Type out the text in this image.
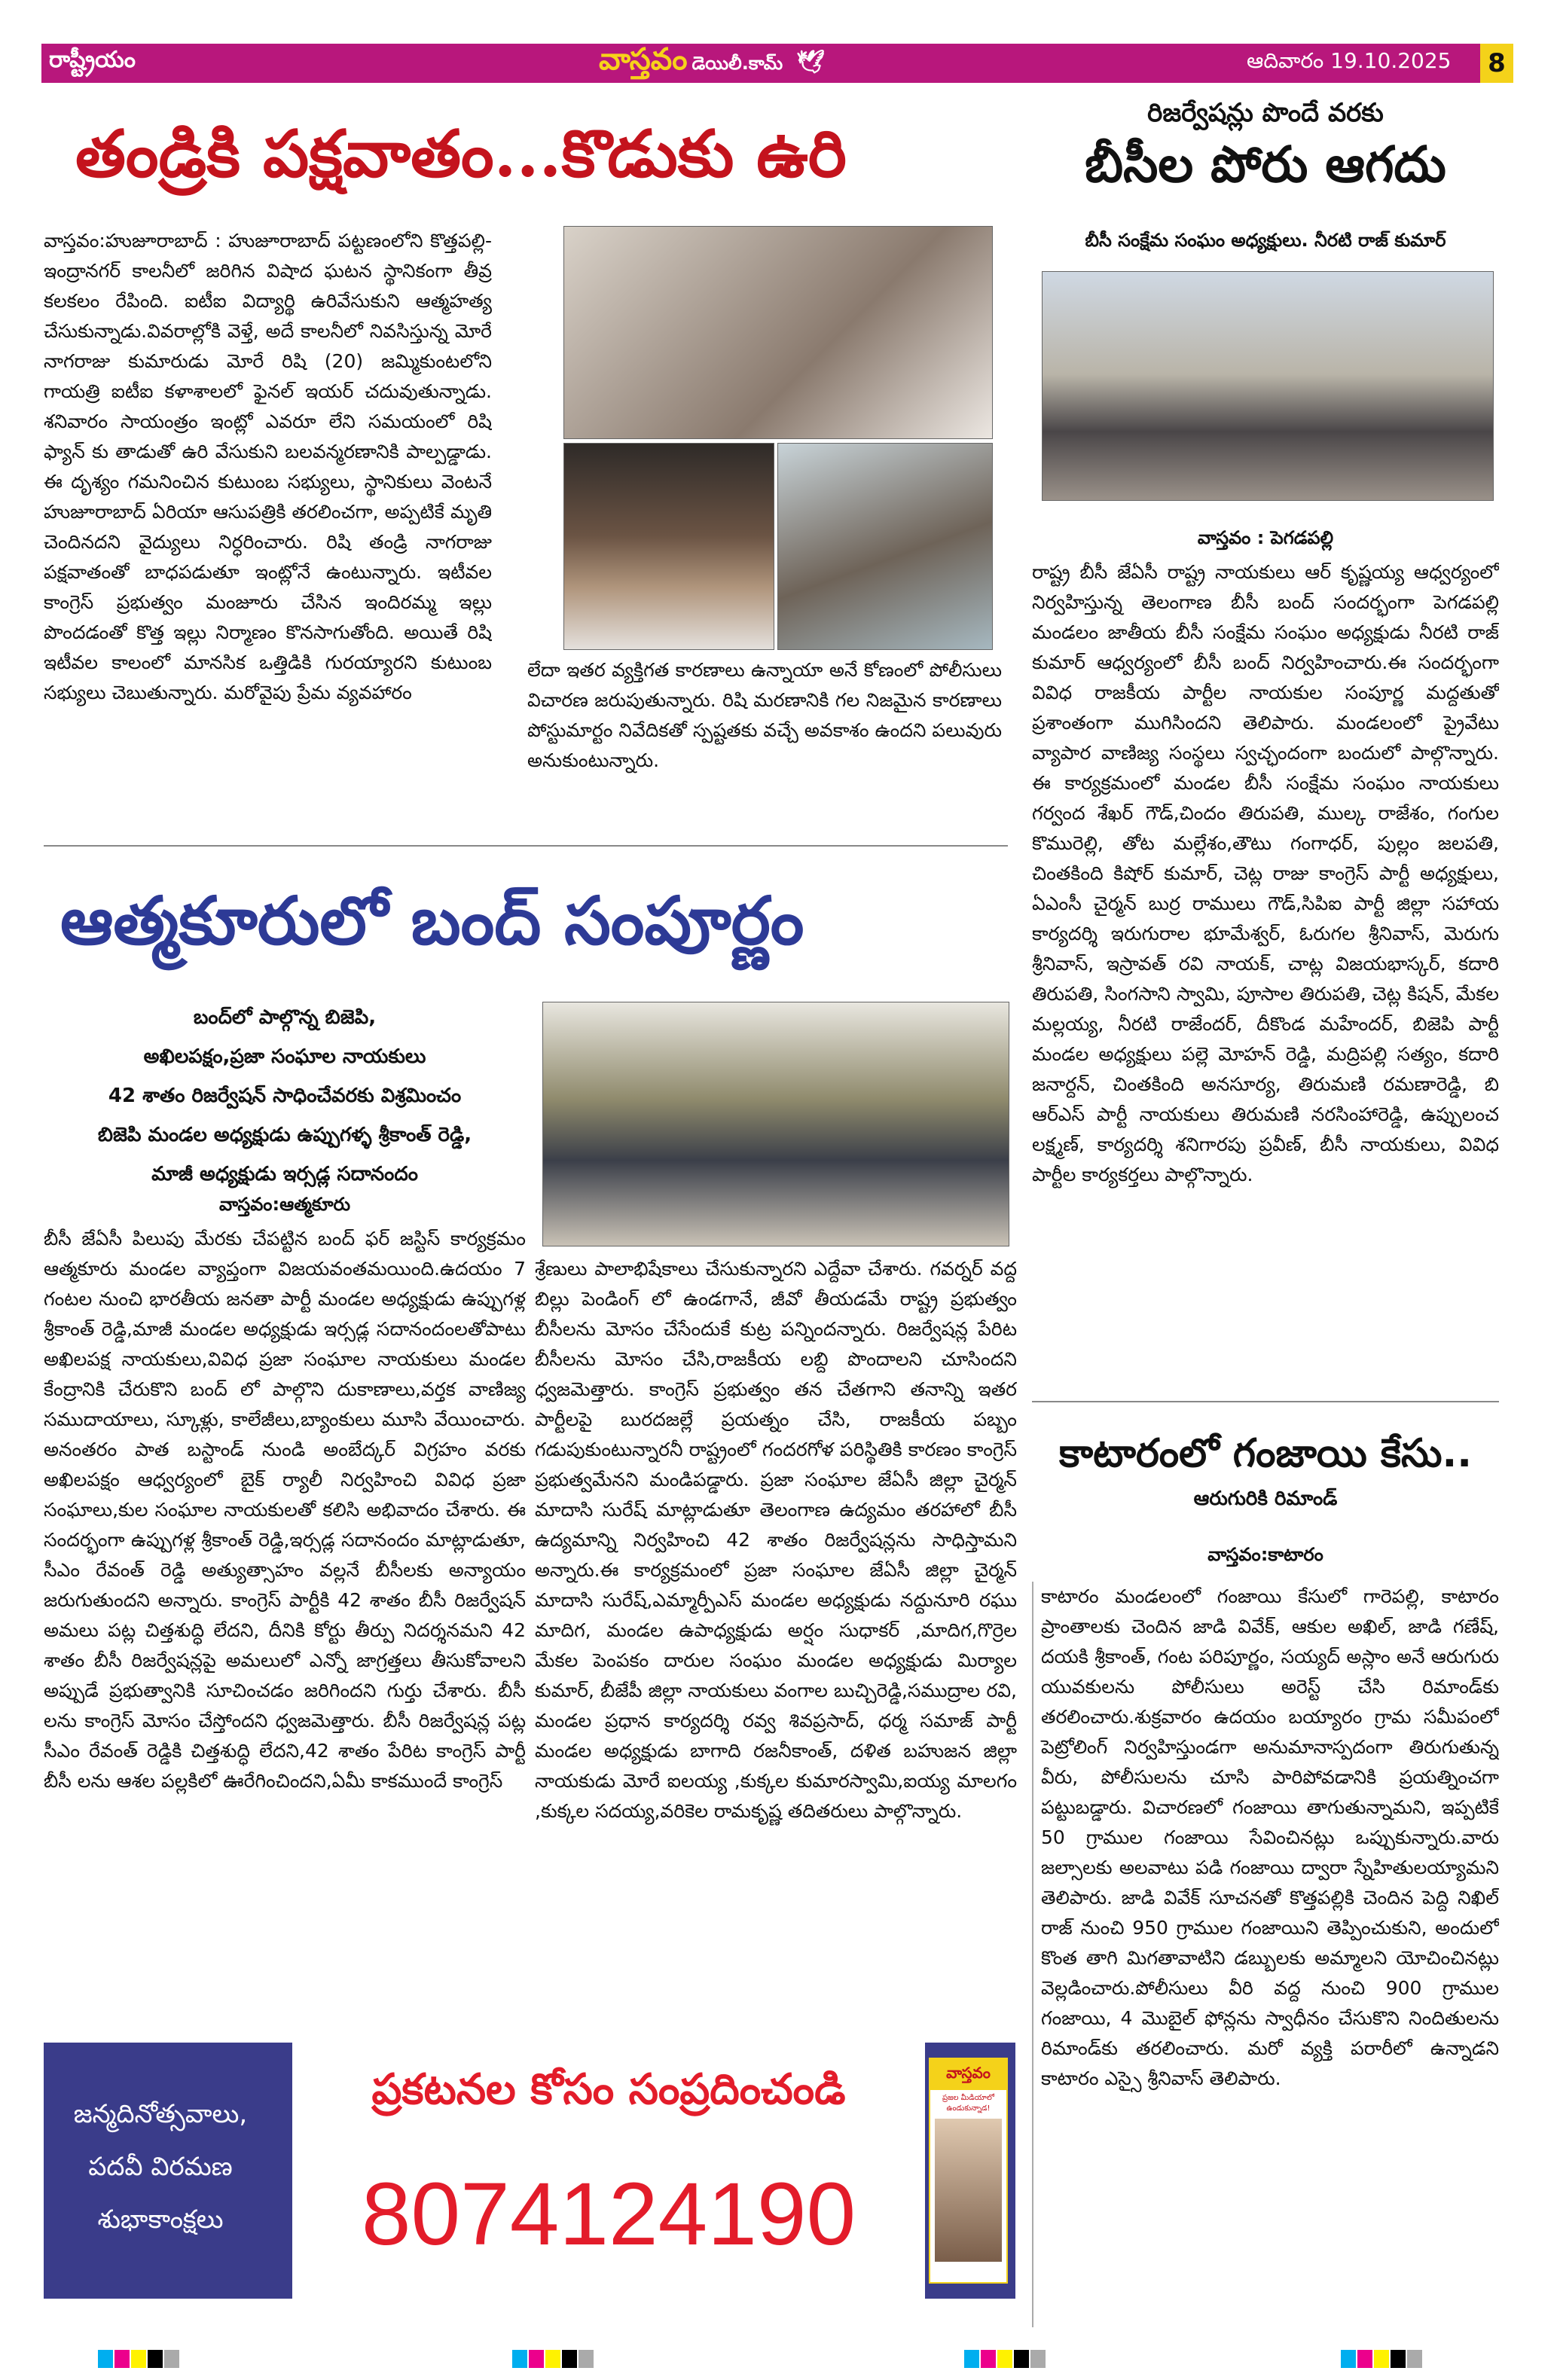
రాష్ట్రీయం	వాస్తవం డెయిలీ.కామ్ 🕊	ఆదివారం 19.10.2025 8
తండ్రికి పక్షవాతం...కొడుకు ఉరి
వాస్తవం:హుజూరాబాద్ : హుజూరాబాద్ పట్టణంలోని కొత్తపల్లి- ఇంద్రానగర్ కాలనీలో జరిగిన విషాద ఘటన స్థానికంగా తీవ్ర కలకలం రేపింది. ఐటీఐ విద్యార్థి ఉరివేసుకుని ఆత్మహత్య చేసుకున్నాడు.వివరాల్లోకి వెళ్తే, అదే కాలనీలో నివసిస్తున్న మోరే నాగరాజు కుమారుడు మోరే రిషి (20) జమ్మికుంటలోని గాయత్రి ఐటీఐ కళాశాలలో ఫైనల్ ఇయర్ చదువుతున్నాడు. శనివారం సాయంత్రం ఇంట్లో ఎవరూ లేని సమయంలో రిషి ఫ్యాన్ కు తాడుతో ఉరి వేసుకుని బలవన్మరణానికి పాల్పడ్డాడు. ఈ దృశ్యం గమనించిన కుటుంబ సభ్యులు, స్థానికులు వెంటనే హుజూరాబాద్ ఏరియా ఆసుపత్రికి తరలించగా, అప్పటికే మృతి చెందినదని వైద్యులు నిర్ధరించారు. రిషి తండ్రి నాగరాజు పక్షవాతంతో బాధపడుతూ ఇంట్లోనే ఉంటున్నారు. ఇటీవల కాంగ్రెస్ ప్రభుత్వం మంజూరు చేసిన ఇందిరమ్మ ఇల్లు పొందడంతో కొత్త ఇల్లు నిర్మాణం కొనసాగుతోంది. అయితే రిషి ఇటీవల కాలంలో మానసిక ఒత్తిడికి గురయ్యారని కుటుంబ సభ్యులు చెబుతున్నారు. మరోవైపు ప్రేమ వ్యవహారం
లేదా ఇతర వ్యక్తిగత కారణాలు ఉన్నాయా అనే కోణంలో పోలీసులు విచారణ జరుపుతున్నారు. రిషి మరణానికి గల నిజమైన కారణాలు పోస్టుమార్టం నివేదికతో స్పష్టతకు వచ్చే అవకాశం ఉందని పలువురు అనుకుంటున్నారు.
రిజర్వేషన్లు పొందే వరకు
బీసీల పోరు ఆగదు
బీసీ సంక్షేమ సంఘం అధ్యక్షులు. నీరటి రాజ్ కుమార్
వాస్తవం : పెగడపల్లి
రాష్ట్ర బీసీ జేఏసీ రాష్ట్ర నాయకులు ఆర్ కృష్ణయ్య ఆధ్వర్యంలో నిర్వహిస్తున్న తెలంగాణ బీసీ బంద్ సందర్భంగా పెగడపల్లి మండలం జాతీయ బీసీ సంక్షేమ సంఘం అధ్యక్షుడు నీరటి రాజ్ కుమార్ ఆధ్వర్యంలో బీసీ బంద్ నిర్వహించారు.ఈ సందర్భంగా వివిధ రాజకీయ పార్టీల నాయకుల సంపూర్ణ మద్దతుతో ప్రశాంతంగా ముగిసిందని తెలిపారు. మండలంలో ప్రైవేటు వ్యాపార వాణిజ్య సంస్థలు స్వచ్ఛందంగా బందులో పాల్గొన్నారు. ఈ కార్యక్రమంలో మండల బీసీ సంక్షేమ సంఘం నాయకులు గర్వంద శేఖర్ గౌడ్,చిందం తిరుపతి, ముల్క రాజేశం, గంగుల కొమురెల్లి, తోట మల్లేశం,తౌటు గంగాధర్, పుల్లం జలపతి, చింతకింది కిషోర్ కుమార్, చెట్ల రాజు కాంగ్రెస్ పార్టీ అధ్యక్షులు, ఏఎంసీ చైర్మన్ బుర్ర రాములు గౌడ్,సిపిఐ పార్టీ జిల్లా సహాయ కార్యదర్శి ఇరుగురాల భూమేశ్వర్, ఓరుగల శ్రీనివాస్, మెరుగు శ్రీనివాస్, ఇస్రావత్ రవి నాయక్, చాట్ల విజయభాస్కర్, కదారి తిరుపతి, సింగసాని స్వామి, పూసాల తిరుపతి, చెట్ల కిషన్, మేకల మల్లయ్య, నీరటి రాజేందర్, దీకొండ మహేందర్, బిజెపి పార్టీ మండల అధ్యక్షులు పల్లె మోహన్ రెడ్డి, మద్రిపల్లి సత్యం, కదారి జనార్దన్, చింతకింది అనసూర్య, తిరుమణి రమణారెడ్డి, బి ఆర్ఎస్ పార్టీ నాయకులు తిరుమణి నరసింహారెడ్డి, ఉప్పులంచ లక్ష్మణ్, కార్యదర్శి శనిగారపు ప్రవీణ్, బీసీ నాయకులు, వివిధ పార్టీల కార్యకర్తలు పాల్గొన్నారు.
ఆత్మకూరులో బంద్ సంపూర్ణం
బంద్‌లో పాల్గొన్న బిజెపి,
అఖిలపక్షం,ప్రజా సంఘాల నాయకులు
42 శాతం రిజర్వేషన్ సాధించేవరకు విశ్రమించం
బిజెపి మండల అధ్యక్షుడు ఉప్పుగళ్ళ శ్రీకాంత్ రెడ్డి,
మాజీ అధ్యక్షుడు ఇర్సడ్ల సదానందం
వాస్తవం:ఆత్మకూరు
బీసీ జేఏసీ పిలుపు మేరకు చేపట్టిన బంద్ ఫర్ జస్టిస్ కార్యక్రమం ఆత్మకూరు మండల వ్యాప్తంగా విజయవంతమయింది.ఉదయం 7 గంటల నుంచి భారతీయ జనతా పార్టీ మండల అధ్యక్షుడు ఉప్పుగళ్ల శ్రీకాంత్ రెడ్డి,మాజీ మండల అధ్యక్షుడు ఇర్సడ్ల సదానందంలతోపాటు అఖిలపక్ష నాయకులు,వివిధ ప్రజా సంఘాల నాయకులు మండల కేంద్రానికి చేరుకొని బంద్ లో పాల్గొని దుకాణాలు,వర్తక వాణిజ్య సముదాయాలు, స్కూళ్లు, కాలేజీలు,బ్యాంకులు మూసి వేయించారు. అనంతరం పాత బస్టాండ్ నుండి అంబేద్కర్ విగ్రహం వరకు అఖిలపక్షం ఆధ్వర్యంలో బైక్ ర్యాలీ నిర్వహించి వివిధ ప్రజా సంఘాలు,కుల సంఘాల నాయకులతో కలిసి అభివాదం చేశారు. ఈ సందర్భంగా ఉప్పుగళ్ల శ్రీకాంత్ రెడ్డి,ఇర్సడ్ల సదానందం మాట్లాడుతూ, సీఎం రేవంత్ రెడ్డి అత్యుత్సాహం వల్లనే బీసీలకు అన్యాయం జరుగుతుందని అన్నారు. కాంగ్రెస్ పార్టీకి 42 శాతం బీసీ రిజర్వేషన్ అమలు పట్ల చిత్తశుద్ధి లేదని, దీనికి కోర్టు తీర్పు నిదర్శనమని 42 శాతం బీసీ రిజర్వేషన్లపై అమలులో ఎన్నో జాగ్రత్తలు తీసుకోవాలని అప్పుడే ప్రభుత్వానికి సూచించడం జరిగిందని గుర్తు చేశారు. బీసీ లను కాంగ్రెస్ మోసం చేస్తోందని ధ్వజమెత్తారు. బీసీ రిజర్వేషన్ల పట్ల సీఎం రేవంత్ రెడ్డికి చిత్తశుద్ధి లేదని,42 శాతం పేరిట కాంగ్రెస్ పార్టీ బీసీ లను ఆశల పల్లకిలో ఊరేగించిందని,ఏమీ కాకముందే కాంగ్రెస్
శ్రేణులు పాలాభిషేకాలు చేసుకున్నారని ఎద్దేవా చేశారు. గవర్నర్ వద్ద బిల్లు పెండింగ్ లో ఉండగానే, జీవో తీయడమే రాష్ట్ర ప్రభుత్వం బీసీలను మోసం చేసేందుకే కుట్ర పన్నిందన్నారు. రిజర్వేషన్ల పేరిట బీసీలను మోసం చేసి,రాజకీయ లబ్ది పొందాలని చూసిందని ధ్వజమెత్తారు. కాంగ్రెస్ ప్రభుత్వం తన చేతగాని తనాన్ని ఇతర పార్టీలపై బురదజల్లే ప్రయత్నం చేసి, రాజకీయ పబ్బం గడుపుకుంటున్నారనీ రాష్ట్రంలో గందరగోళ పరిస్థితికి కారణం కాంగ్రెస్ ప్రభుత్వమేనని మండిపడ్డారు. ప్రజా సంఘాల జేఏసీ జిల్లా చైర్మన్ మాదాసి సురేష్ మాట్లాడుతూ తెలంగాణ ఉద్యమం తరహాలో బీసీ ఉద్యమాన్ని నిర్వహించి 42 శాతం రిజర్వేషన్లను సాధిస్తామని అన్నారు.ఈ కార్యక్రమంలో ప్రజా సంఘాల జేఏసీ జిల్లా చైర్మన్ మాదాసి సురేష్,ఎమ్మార్పీఎస్ మండల అధ్యక్షుడు నద్దునూరి రఘు మాదిగ, మండల ఉపాధ్యక్షుడు అర్షం సుధాకర్ ,మాదిగ,గొర్రెల మేకల పెంపకం దారుల సంఘం మండల అధ్యక్షుడు మిర్యాల కుమార్, బీజేపీ జిల్లా నాయకులు వంగాల బుచ్చిరెడ్డి,సముద్రాల రవి, మండల ప్రధాన కార్యదర్శి రవ్వ శివప్రసాద్, ధర్మ సమాజ్ పార్టీ మండల అధ్యక్షుడు బాగాది రజనీకాంత్, దళిత బహుజన జిల్లా నాయకుడు మోరే ఐలయ్య ,కుక్కల కుమారస్వామి,ఐయ్య మాలగం ,కుక్కల సదయ్య,వరికెల రామకృష్ణ తదితరులు పాల్గొన్నారు.
కాటారంలో గంజాయి కేసు..
ఆరుగురికి రిమాండ్
వాస్తవం:కాటారం
కాటారం మండలంలో గంజాయి కేసులో గారెపల్లి, కాటారం ప్రాంతాలకు చెందిన జాడి వివేక్, ఆకుల అఖిల్, జాడి గణేష్, దయకి శ్రీకాంత్, గంట పరిపూర్ణం, సయ్యద్ అస్లాం అనే ఆరుగురు యువకులను పోలీసులు అరెస్ట్ చేసి రిమాండ్‌కు తరలించారు.శుక్రవారం ఉదయం బయ్యారం గ్రామ సమీపంలో పెట్రోలింగ్ నిర్వహిస్తుండగా అనుమానాస్పదంగా తిరుగుతున్న వీరు, పోలీసులను చూసి పారిపోవడానికి ప్రయత్నించగా పట్టుబడ్డారు. విచారణలో గంజాయి తాగుతున్నామని, ఇప్పటికే 50 గ్రాముల గంజాయి సేవించినట్లు ఒప్పుకున్నారు.వారు జల్సాలకు అలవాటు పడి గంజాయి ద్వారా స్నేహితులయ్యామని తెలిపారు. జాడి వివేక్ సూచనతో కొత్తపల్లికి చెందిన పెద్ది నిఖిల్ రాజ్ నుంచి 950 గ్రాముల గంజాయిని తెప్పించుకుని, అందులో కొంత తాగి మిగతావాటిని డబ్బులకు అమ్మాలని యోచించినట్లు వెల్లడించారు.పోలీసులు వీరి వద్ద నుంచి 900 గ్రాముల గంజాయి, 4 మొబైల్ ఫోన్లను స్వాధీనం చేసుకొని నిందితులను రిమాండ్‌కు తరలించారు. మరో వ్యక్తి పరారీలో ఉన్నాడని కాటారం ఎస్సై శ్రీనివాస్ తెలిపారు.
జన్మదినోత్సవాలు,
పదవీ విరమణ
శుభాకాంక్షలు
ప్రకటనల కోసం సంప్రదించండి
8074124190
వాస్తవం
ప్రజల మీడియాలో ఉండుకున్నాడ!
